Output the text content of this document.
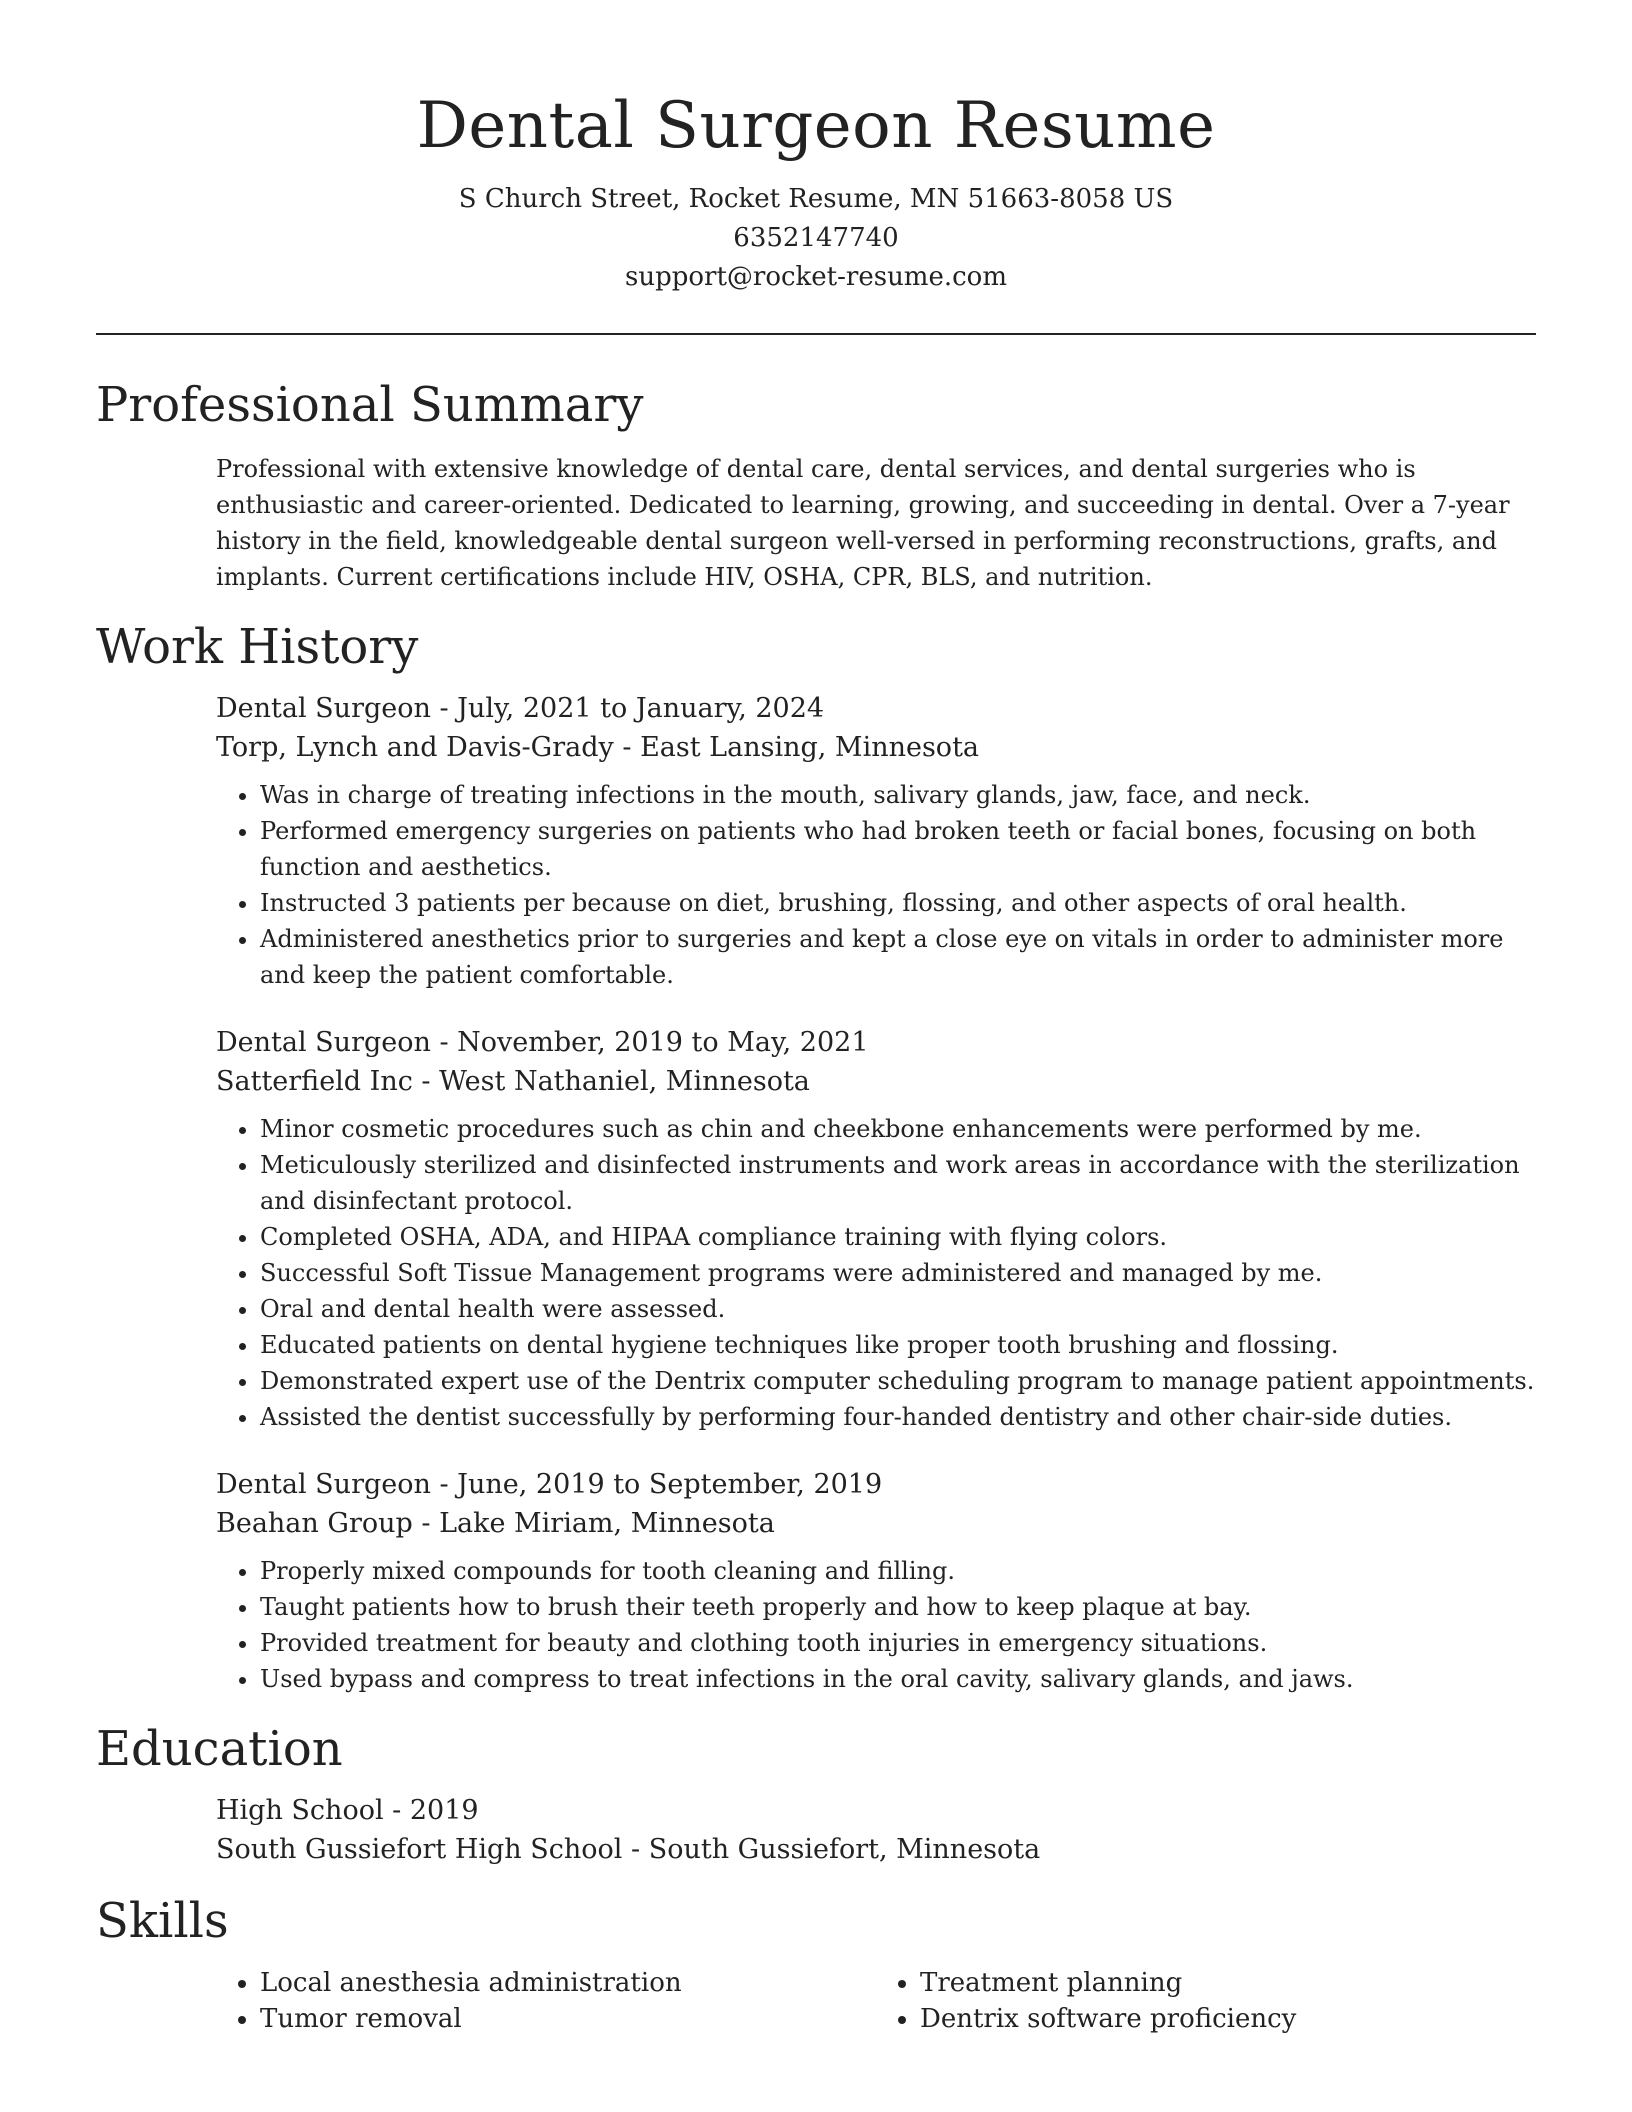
Dental Surgeon Resume

S Church Street, Rocket Resume, MN 51663-8058 US

6352147740

support@rocket-resume.com

Professional Summary

Professional with extensive knowledge of dental care, dental services, and dental surgeries who is enthusiastic and career-oriented. Dedicated to learning, growing, and succeeding in dental. Over a 7-year history in the field, knowledgeable dental surgeon well-versed in performing reconstructions, grafts, and implants. Current certifications include HIV, OSHA, CPR, BLS, and nutrition.

Work History

Dental Surgeon - July, 2021 to January, 2024

Torp, Lynch and Davis-Grady - East Lansing, Minnesota

• Was in charge of treating infections in the mouth, salivary glands, jaw, face, and neck.
• Performed emergency surgeries on patients who had broken teeth or facial bones, focusing on both function and aesthetics.
• Instructed 3 patients per because on diet, brushing, flossing, and other aspects of oral health.
• Administered anesthetics prior to surgeries and kept a close eye on vitals in order to administer more and keep the patient comfortable.

Dental Surgeon - November, 2019 to May, 2021

Satterfield Inc - West Nathaniel, Minnesota

• Minor cosmetic procedures such as chin and cheekbone enhancements were performed by me.
• Meticulously sterilized and disinfected instruments and work areas in accordance with the sterilization and disinfectant protocol.
• Completed OSHA, ADA, and HIPAA compliance training with flying colors.
• Successful Soft Tissue Management programs were administered and managed by me.
• Oral and dental health were assessed.
• Educated patients on dental hygiene techniques like proper tooth brushing and flossing.
• Demonstrated expert use of the Dentrix computer scheduling program to manage patient appointments.
• Assisted the dentist successfully by performing four-handed dentistry and other chair-side duties.

Dental Surgeon - June, 2019 to September, 2019

Beahan Group - Lake Miriam, Minnesota

• Properly mixed compounds for tooth cleaning and filling.
• Taught patients how to brush their teeth properly and how to keep plaque at bay.
• Provided treatment for beauty and clothing tooth injuries in emergency situations.
• Used bypass and compress to treat infections in the oral cavity, salivary glands, and jaws.
Education

High School - 2019

South Gussiefort High School - South Gussiefort, Minnesota

Skills
• Local anesthesia administration
• Tumor removal
• Treatment planning
• Dentrix software proficiency
